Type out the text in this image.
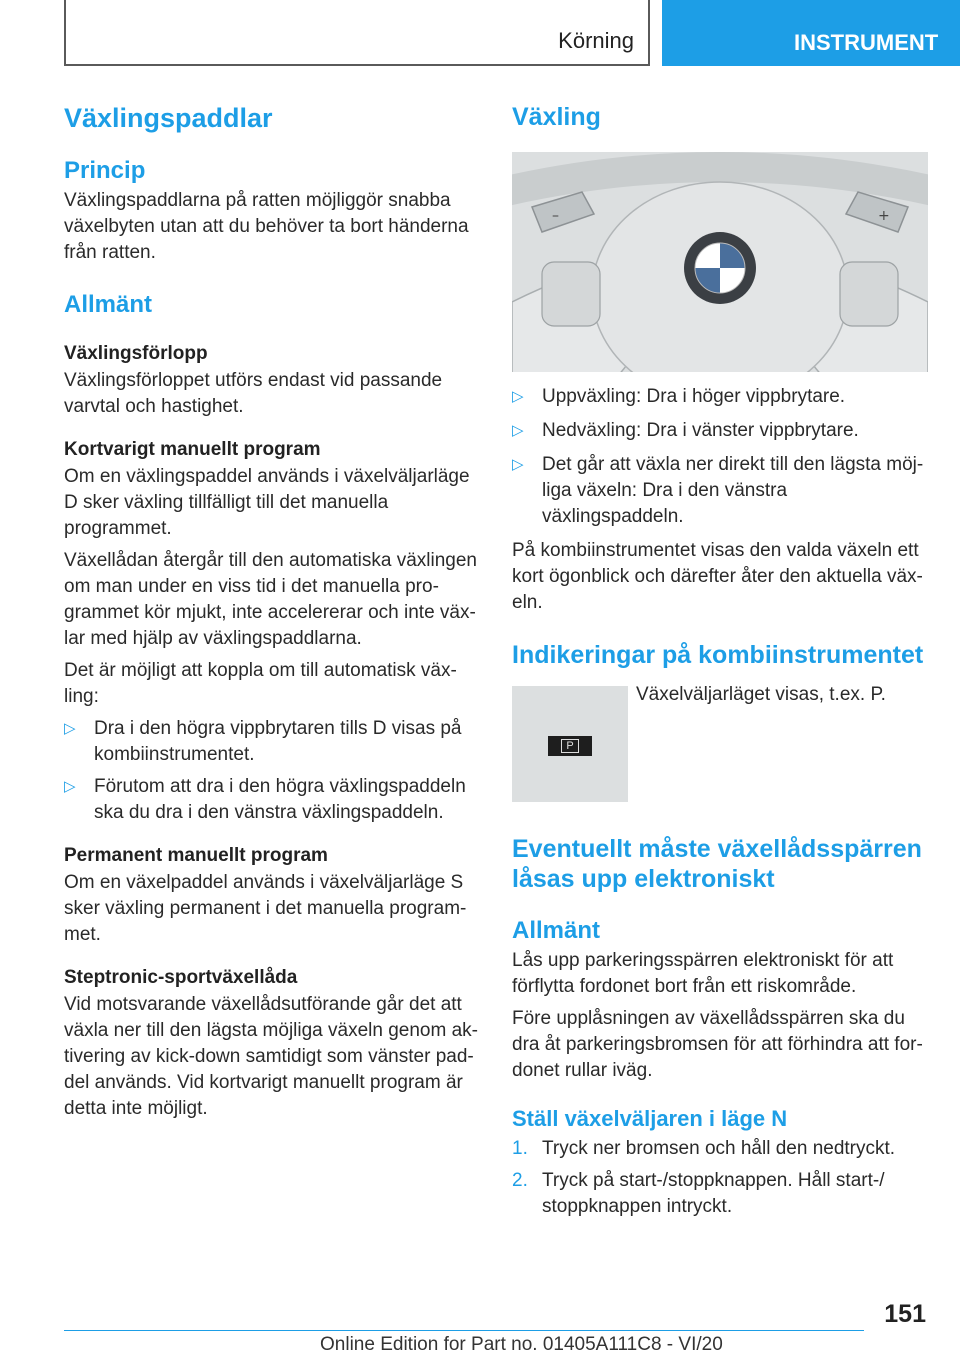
Körning	INSTRUMENT
Växlingspaddlar
Princip

Växlingspaddlarna på ratten möjliggör snabba växelbyten utan att du behöver ta bort händerna från ratten.

Allmänt
Växlingsförlopp

Växlingsförloppet utförs endast vid passande varvtal och hastighet.

Kortvarigt manuellt program

Om en växlingspaddel används i växelväljarläge D sker växling tillfälligt till det manuella programmet.

Växellådan återgår till den automatiska växlingen om man under en viss tid i det manuella pro-grammet kör mjukt, inte accelererar och inte väx-lar med hjälp av växlingspaddlarna.

Det är möjligt att koppla om till automatisk väx-ling:

▷ Dra i den högra vippbrytaren tills D visas på kombiinstrumentet.
▷ Förutom att dra i den högra växlingspaddeln ska du dra i den vänstra växlingspaddeln.
Permanent manuellt program

Om en växelpaddel används i växelväljarläge S sker växling permanent i det manuella program-met.

Steptronic-sportväxellåda

Vid motsvarande växellådsutförande går det att växla ner till den lägsta möjliga växeln genom ak-tivering av kick-down samtidigt som vänster pad-del används. Vid kortvarigt manuellt program är detta inte möjligt.

Växling
–	+
▷ Uppväxling: Dra i höger vippbrytare.
▷ Nedväxling: Dra i vänster vippbrytare.
▷ Det går att växla ner direkt till den lägsta möj-liga växeln: Dra i den vänstra växlingspaddeln.

På kombiinstrumentet visas den valda växeln ett kort ögonblick och därefter åter den aktuella väx-eln.

Indikeringar på kombiinstrumentet
P

Växelväljarläget visas, t.ex. P.

Eventuellt måste växellådsspärren låsas upp elektroniskt
Allmänt

Lås upp parkeringsspärren elektroniskt för att förflytta fordonet bort från ett riskområde.

Före upplåsningen av växellådsspärren ska du dra åt parkeringsbromsen för att förhindra att for-donet rullar iväg.

Ställ växelväljaren i läge N
1. Tryck ner bromsen och håll den nedtryckt.
2. Tryck på start-/stoppknappen. Håll start-/ stoppknappen intryckt.
151
Online Edition for Part no. 01405A111C8 - VI/20
